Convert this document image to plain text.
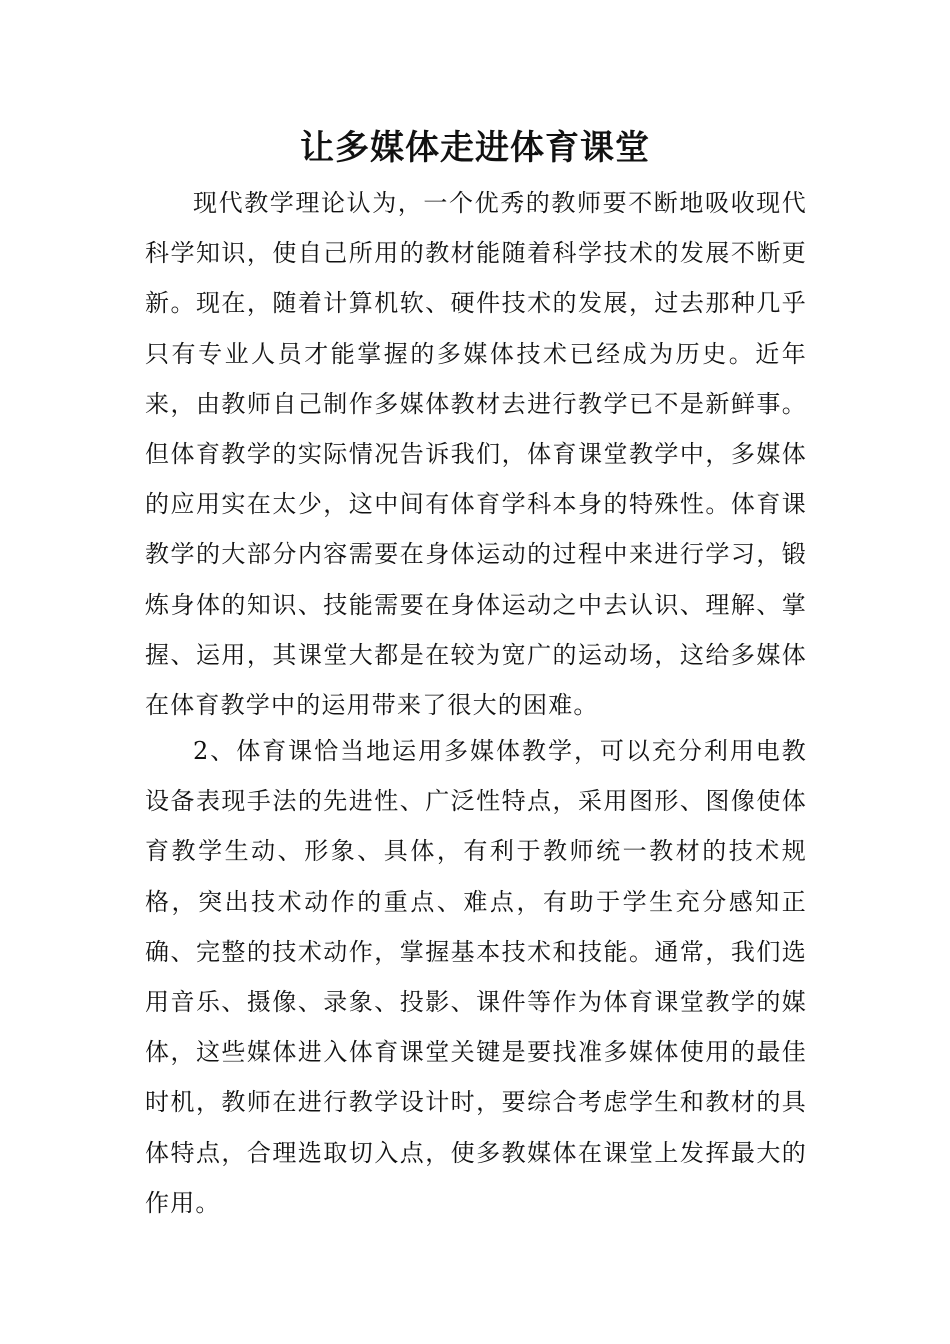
让多媒体走进体育课堂

现代教学理论认为，一个优秀的教师要不断地吸收现代科学知识，使自己所用的教材能随着科学技术的发展不断更新。现在，随着计算机软、硬件技术的发展，过去那种几乎只有专业人员才能掌握的多媒体技术已经成为历史。近年来，由教师自己制作多媒体教材去进行教学已不是新鲜事。但体育教学的实际情况告诉我们，体育课堂教学中，多媒体的应用实在太少，这中间有体育学科本身的特殊性。体育课教学的大部分内容需要在身体运动的过程中来进行学习，锻炼身体的知识、技能需要在身体运动之中去认识、理解、掌握、运用，其课堂大都是在较为宽广的运动场，这给多媒体在体育教学中的运用带来了很大的困难。

2、体育课恰当地运用多媒体教学，可以充分利用电教设备表现手法的先进性、广泛性特点，采用图形、图像使体育教学生动、形象、具体，有利于教师统一教材的技术规格，突出技术动作的重点、难点，有助于学生充分感知正确、完整的技术动作，掌握基本技术和技能。通常，我们选用音乐、摄像、录象、投影、课件等作为体育课堂教学的媒体，这些媒体进入体育课堂关键是要找准多媒体使用的最佳时机，教师在进行教学设计时，要综合考虑学生和教材的具体特点，合理选取切入点，使多教媒体在课堂上发挥最大的作用。
